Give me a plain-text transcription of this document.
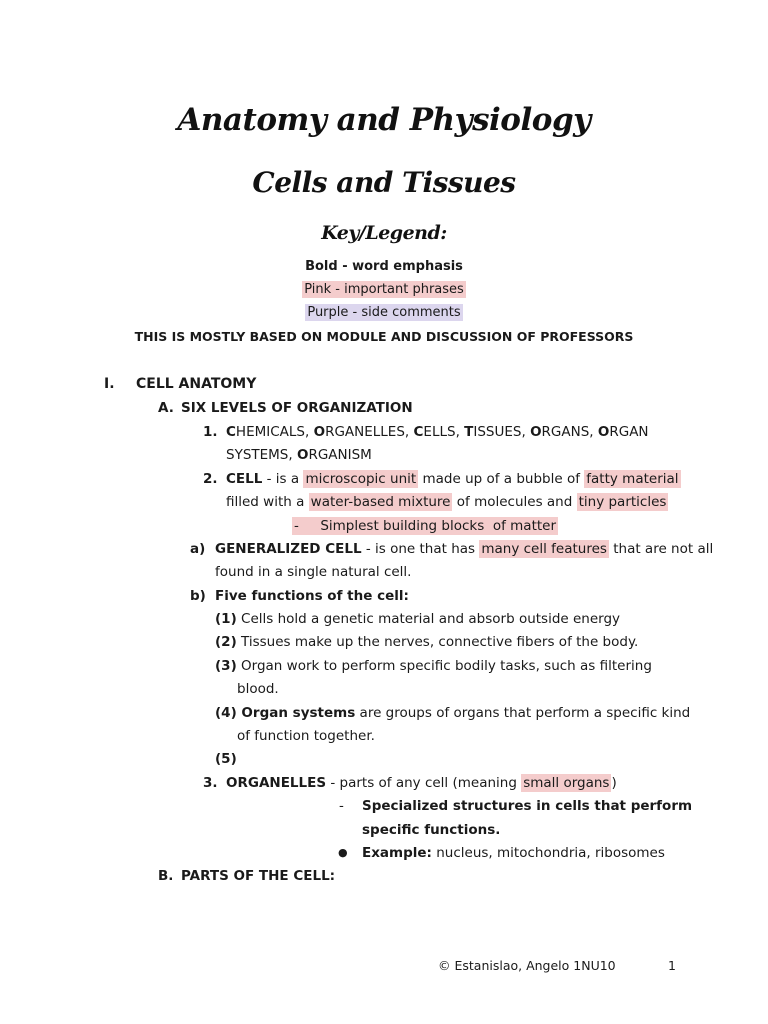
Anatomy and Physiology
Cells and Tissues
Key/Legend:
Bold - word emphasis
Pink - important phrases
Purple - side comments
THIS IS MOSTLY BASED ON MODULE AND DISCUSSION OF PROFESSORS
I. CELL ANATOMY
A. SIX LEVELS OF ORGANIZATION
1. CHEMICALS, ORGANELLES, CELLS, TISSUES, ORGANS, ORGAN
SYSTEMS, ORGANISM
2. CELL - is a microscopic unit made up of a bubble of fatty material
filled with a water-based mixture of molecules and tiny particles
-     Simplest building blocks  of matter
a) GENERALIZED CELL - is one that has many cell features that are not all
found in a single natural cell.
b) Five functions of the cell:
(1) Cells hold a genetic material and absorb outside energy
(2) Tissues make up the nerves, connective fibers of the body.
(3) Organ work to perform specific bodily tasks, such as filtering
blood.
(4) Organ systems are groups of organs that perform a specific kind
of function together.
(5)
3. ORGANELLES - parts of any cell (meaning small organs )
- Specialized structures in cells that perform
specific functions.
● Example: nucleus, mitochondria, ribosomes
B. PARTS OF THE CELL:
© Estanislao, Angelo 1NU10	1
